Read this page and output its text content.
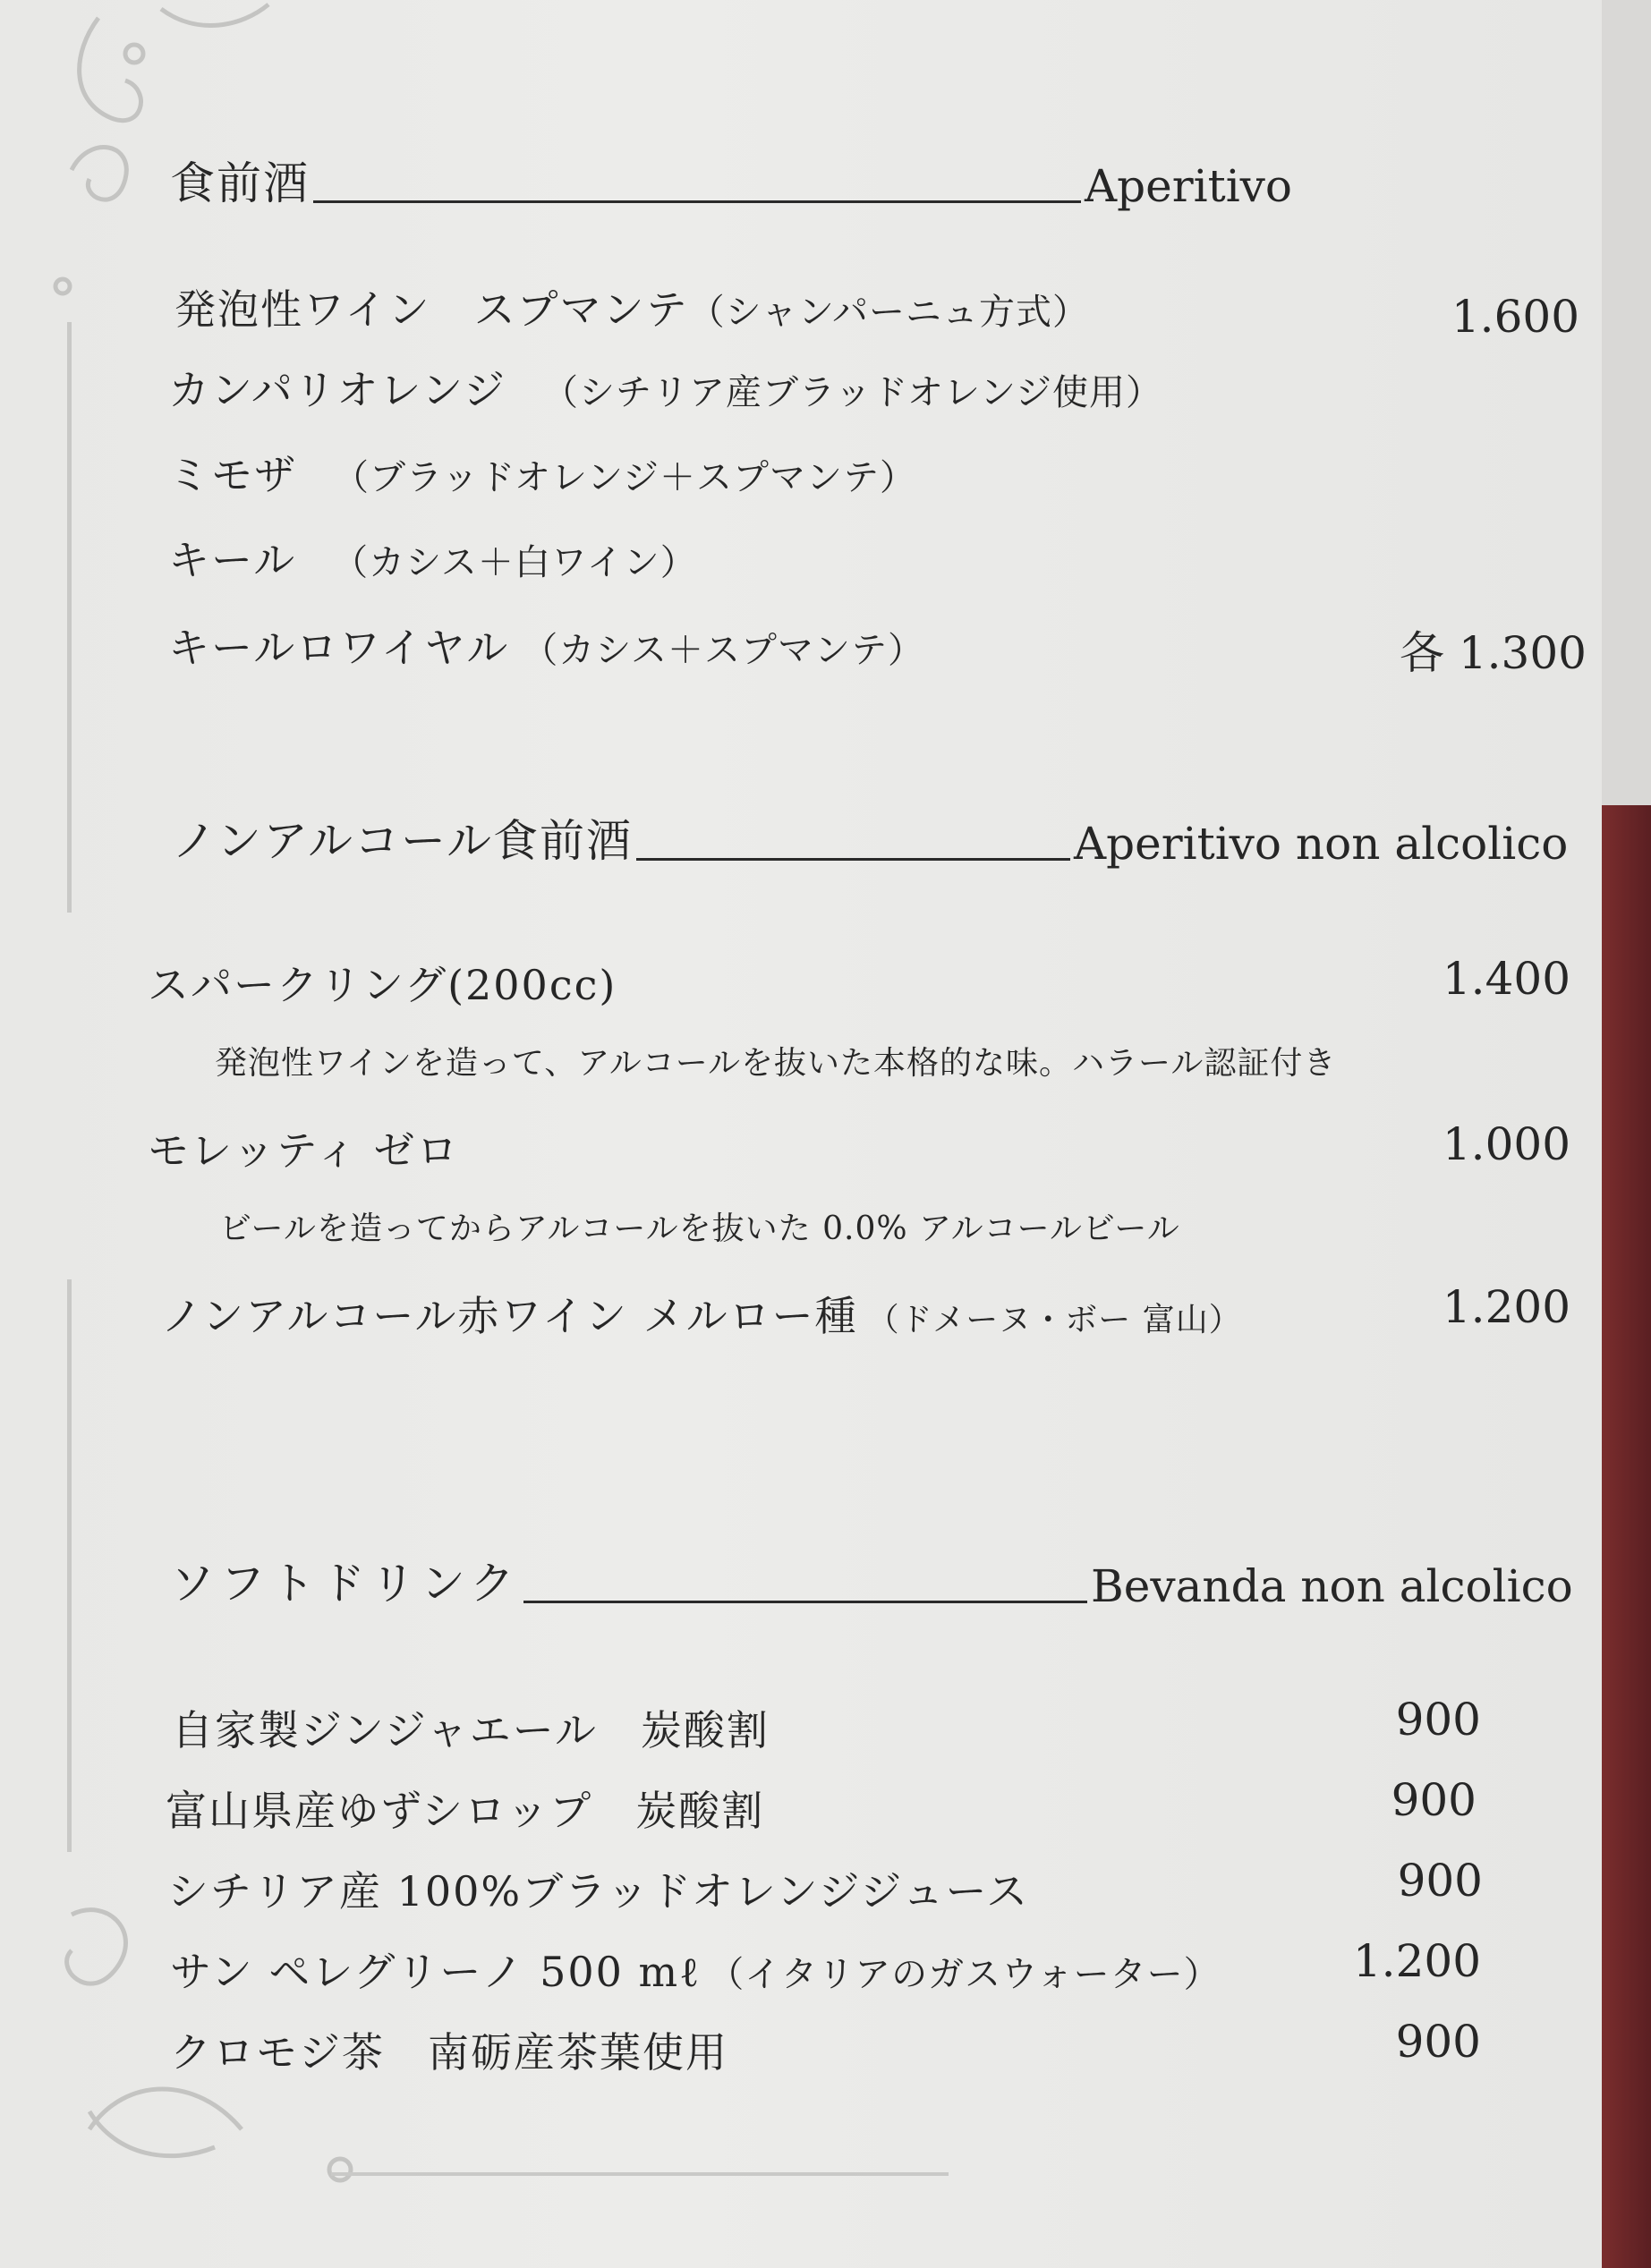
食前酒	Aperitivo
発泡性ワイン　スプマンテ（シャンパーニュ方式）	1.600
カンパリオレンジ （シチリア産ブラッドオレンジ使用）
ミモザ （ブラッドオレンジ＋スプマンテ）
キール （カシス＋白ワイン）
キールロワイヤル （カシス＋スプマンテ）	各 1.300
ノンアルコール食前酒	Aperitivo non alcolico
スパークリング(200cc)	1.400
発泡性ワインを造って、アルコールを抜いた本格的な味。ハラール認証付き
モレッティ ゼロ	1.000
ビールを造ってからアルコールを抜いた 0.0% アルコールビール
ノンアルコール赤ワイン メルロー種 （ドメーヌ・ボー 富山）	1.200
ソフトドリンク	Bevanda non alcolico
自家製ジンジャエール　炭酸割	900
富山県産ゆずシロップ　炭酸割	900
シチリア産 100%ブラッドオレンジジュース	900
サン ペレグリーノ 500 mℓ （イタリアのガスウォーター）	1.200
クロモジ茶　南砺産茶葉使用	900
